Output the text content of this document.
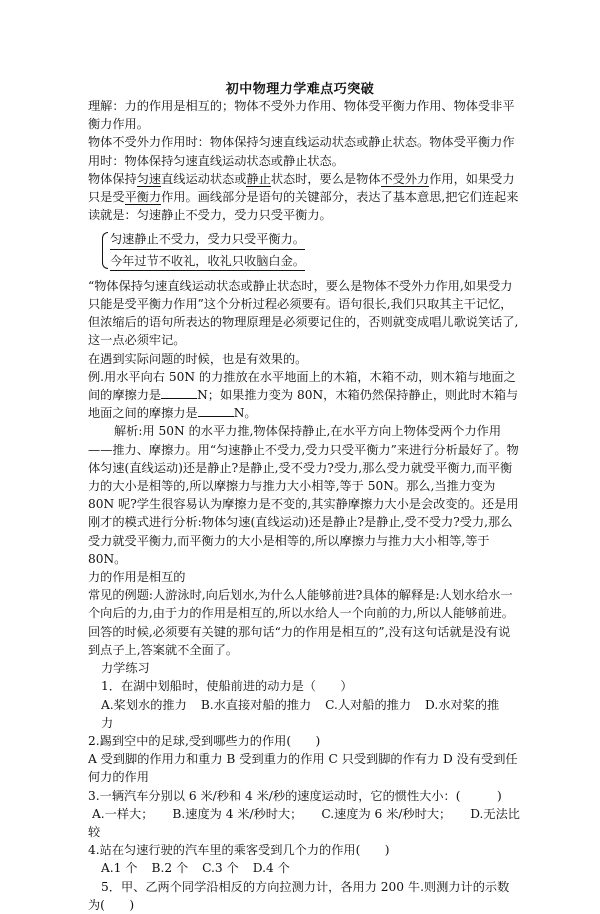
初中物理力学难点巧突破

理解：力的作用是相互的；物体不受外力作用、物体受平衡力作用、物体受非平衡力作用。

物体不受外力作用时：物体保持匀速直线运动状态或静止状态。物体受平衡力作用时：物体保持匀速直线运动状态或静止状态。

物体保持匀速直线运动状态或静止状态时，要么是物体不受外力作用，如果受力只是受平衡力作用。画线部分是语句的关键部分，表达了基本意思,把它们连起来读就是：匀速静止不受力，受力只受平衡力。

匀速静止不受力，受力只受平衡力。
今年过节不收礼，收礼只收脑白金。

“物体保持匀速直线运动状态或静止状态时，要么是物体不受外力作用,如果受力只能是受平衡力作用”这个分析过程必须要有。语句很长,我们只取其主干记忆，但浓缩后的语句所表达的物理原理是必须要记住的，否则就变成唱儿歌说笑话了,这一点必须牢记。

在遇到实际问题的时候，也是有效果的。

例.用水平向右 50N 的力推放在水平地面上的木箱，木箱不动，则木箱与地面之间的摩擦力是	N；如果推力变为 80N，木箱仍然保持静止，则此时木箱与地面之间的摩擦力是	N。

解析:用 50N 的水平力推,物体保持静止,在水平方向上物体受两个力作用——推力、摩擦力。用“匀速静止不受力,受力只受平衡力”来进行分析最好了。物体匀速(直线运动)还是静止?是静止,受不受力?受力,那么受力就受平衡力,而平衡力的大小是相等的,所以摩擦力与推力大小相等,等于 50N。那么,当推力变为 80N 呢?学生很容易认为摩擦力是不变的,其实静摩擦力大小是会改变的。还是用刚才的模式进行分析:物体匀速(直线运动)还是静止?是静止,受不受力?受力,那么受力就受平衡力,而平衡力的大小是相等的,所以摩擦力与推力大小相等,等于 80N。

力的作用是相互的

常见的例题:人游泳时,向后划水,为什么人能够前进?具体的解释是:人划水给水一个向后的力,由于力的作用是相互的,所以水给人一个向前的力,所以人能够前进。回答的时候,必须要有关键的那句话“力的作用是相互的”,没有这句话就是没有说到点子上,答案就不全面了。

力学练习

1．在湖中划船时，使船前进的动力是（　　）

A.桨划水的推力 B.水直接对船的推力 C.人对船的推力 D.水对桨的推力

2.踢到空中的足球,受到哪些力的作用(　　)

A 受到脚的作用力和重力 B 受到重力的作用 C 只受到脚的作有力 D 没有受到任何力的作用

3.一辆汽车分别以 6 米/秒和 4 米/秒的速度运动时，它的惯性大小：(　　　)

A.一样大； B.速度为 4 米/秒时大； C.速度为 6 米/秒时大； D.无法比

较

4.站在匀速行驶的汽车里的乘客受到几个力的作用(　　)

A.1 个 B.2 个 C.3 个 D.4 个

5．甲、乙两个同学沿相反的方向拉测力计，各用力 200 牛.则测力计的示数为(　　)
